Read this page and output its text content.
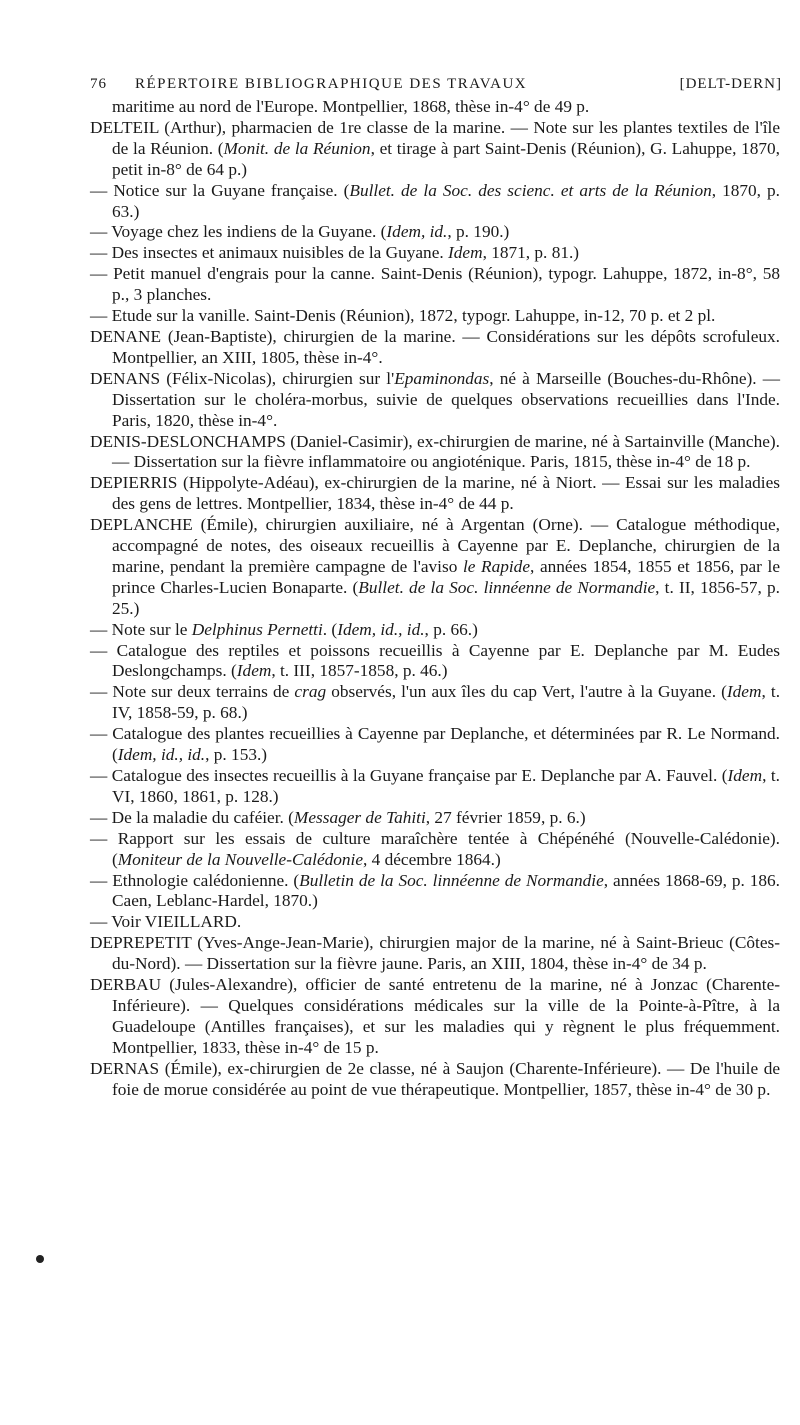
76 RÉPERTOIRE BIBLIOGRAPHIQUE DES TRAVAUX	[DELT-DERN]

maritime au nord de l'Europe. Montpellier, 1868, thèse in-4° de 49 p.

DELTEIL (Arthur), pharmacien de 1re classe de la marine. — Note sur les plantes textiles de l'île de la Réunion. (Monit. de la Réunion, et tirage à part Saint-Denis (Réunion), G. Lahuppe, 1870, petit in-8° de 64 p.)

— Notice sur la Guyane française. (Bullet. de la Soc. des scienc. et arts de la Réunion, 1870, p. 63.)

— Voyage chez les indiens de la Guyane. (Idem, id., p. 190.)

— Des insectes et animaux nuisibles de la Guyane. Idem, 1871, p. 81.)

— Petit manuel d'engrais pour la canne. Saint-Denis (Réunion), typogr. Lahuppe, 1872, in-8°, 58 p., 3 planches.

— Etude sur la vanille. Saint-Denis (Réunion), 1872, typogr. Lahuppe, in-12, 70 p. et 2 pl.

DENANE (Jean-Baptiste), chirurgien de la marine. — Considérations sur les dépôts scrofuleux. Montpellier, an XIII, 1805, thèse in-4°.

DENANS (Félix-Nicolas), chirurgien sur l'Epaminondas, né à Marseille (Bouches-du-Rhône). — Dissertation sur le choléra-morbus, suivie de quelques observations recueillies dans l'Inde. Paris, 1820, thèse in-4°.

DENIS-DESLONCHAMPS (Daniel-Casimir), ex-chirurgien de marine, né à Sartainville (Manche).— Dissertation sur la fièvre inflammatoire ou angioténique. Paris, 1815, thèse in-4° de 18 p.

DEPIERRIS (Hippolyte-Adéau), ex-chirurgien de la marine, né à Niort. — Essai sur les maladies des gens de lettres. Montpellier, 1834, thèse in-4° de 44 p.

DEPLANCHE (Émile), chirurgien auxiliaire, né à Argentan (Orne). — Catalogue méthodique, accompagné de notes, des oiseaux recueillis à Cayenne par E. Deplanche, chirurgien de la marine, pendant la première campagne de l'aviso le Rapide, années 1854, 1855 et 1856, par le prince Charles-Lucien Bonaparte. (Bullet. de la Soc. linnéenne de Normandie, t. II, 1856-57, p. 25.)

— Note sur le Delphinus Pernetti. (Idem, id., id., p. 66.)

— Catalogue des reptiles et poissons recueillis à Cayenne par E. Deplanche par M. Eudes Deslongchamps. (Idem, t. III, 1857-1858, p. 46.)

— Note sur deux terrains de crag observés, l'un aux îles du cap Vert, l'autre à la Guyane. (Idem, t. IV, 1858-59, p. 68.)

— Catalogue des plantes recueillies à Cayenne par Deplanche, et déterminées par R. Le Normand. (Idem, id., id., p. 153.)

— Catalogue des insectes recueillis à la Guyane française par E. Deplanche par A. Fauvel. (Idem, t. VI, 1860, 1861, p. 128.)

— De la maladie du caféier. (Messager de Tahiti, 27 février 1859, p. 6.)

— Rapport sur les essais de culture maraîchère tentée à Chépénéhé (Nouvelle-Calédonie). (Moniteur de la Nouvelle-Calédonie, 4 décembre 1864.)

— Ethnologie calédonienne. (Bulletin de la Soc. linnéenne de Normandie, années 1868-69, p. 186. Caen, Leblanc-Hardel, 1870.)

— Voir VIEILLARD.

DEPREPETIT (Yves-Ange-Jean-Marie), chirurgien major de la marine, né à Saint-Brieuc (Côtes-du-Nord). — Dissertation sur la fièvre jaune. Paris, an XIII, 1804, thèse in-4° de 34 p.

DERBAU (Jules-Alexandre), officier de santé entretenu de la marine, né à Jonzac (Charente-Inférieure). — Quelques considérations médicales sur la ville de la Pointe-à-Pître, à la Guadeloupe (Antilles françaises), et sur les maladies qui y règnent le plus fréquemment. Montpellier, 1833, thèse in-4° de 15 p.

DERNAS (Émile), ex-chirurgien de 2e classe, né à Saujon (Charente-Inférieure). — De l'huile de foie de morue considérée au point de vue thérapeutique. Montpellier, 1857, thèse in-4° de 30 p.
